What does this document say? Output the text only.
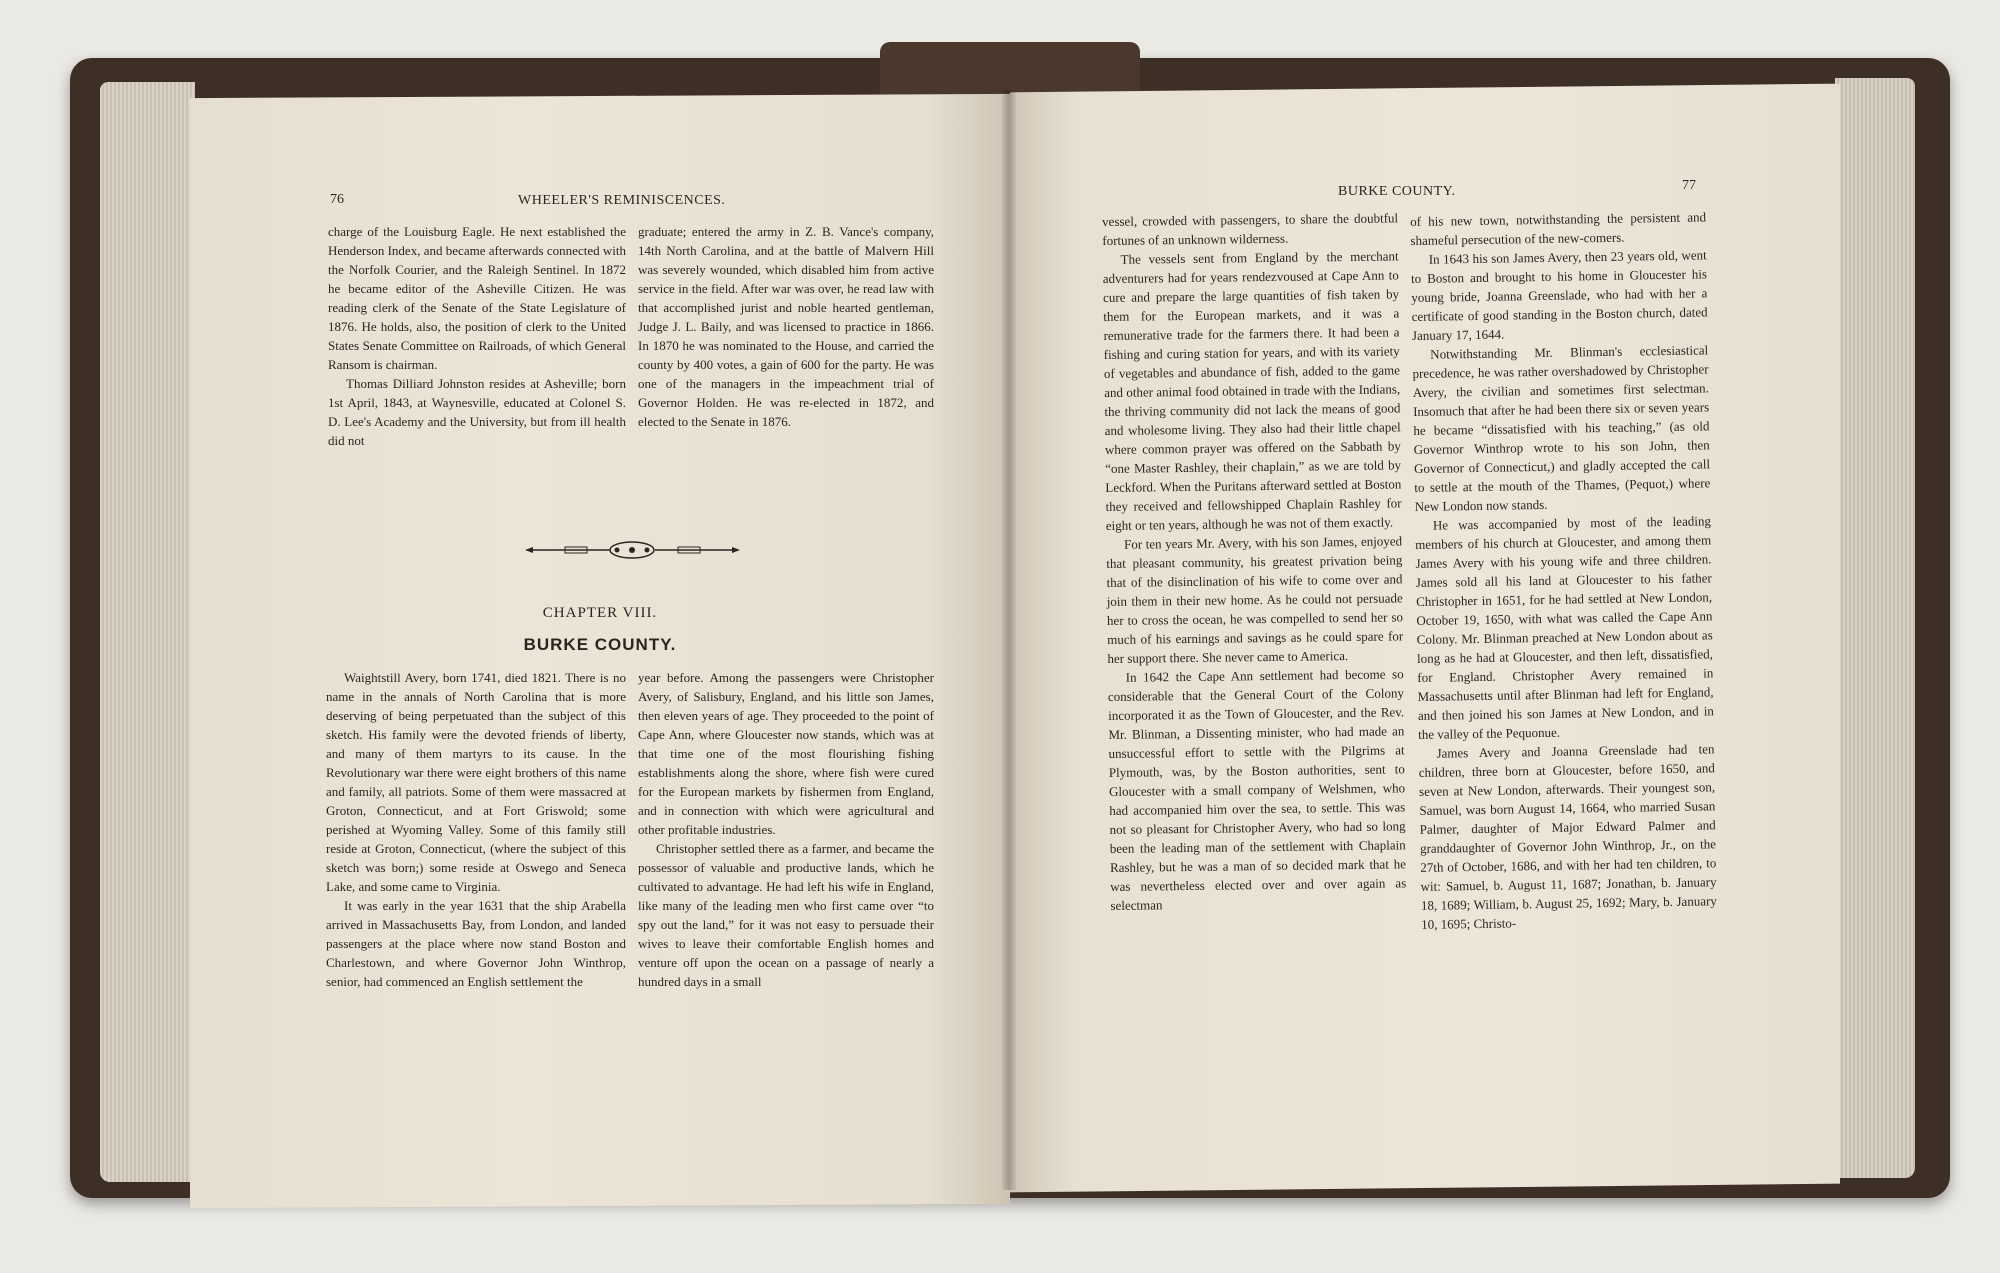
76	WHEELER'S REMINISCENCES.

charge of the Louisburg Eagle. He next established the Henderson Index, and became afterwards connected with the Norfolk Courier, and the Raleigh Sentinel. In 1872 he became editor of the Asheville Citizen. He was reading clerk of the Senate of the State Legislature of 1876. He holds, also, the position of clerk to the United States Senate Committee on Railroads, of which General Ransom is chairman.

Thomas Dilliard Johnston resides at Asheville; born 1st April, 1843, at Waynesville, educated at Colonel S. D. Lee's Academy and the University, but from ill health did not

graduate; entered the army in Z. B. Vance's company, 14th North Carolina, and at the battle of Malvern Hill was severely wounded, which disabled him from active service in the field. After war was over, he read law with that accomplished jurist and noble hearted gentleman, Judge J. L. Baily, and was licensed to practice in 1866. In 1870 he was nominated to the House, and carried the county by 400 votes, a gain of 600 for the party. He was one of the managers in the impeachment trial of Governor Holden. He was re-elected in 1872, and elected to the Senate in 1876.

CHAPTER VIII.
BURKE COUNTY.

Waightstill Avery, born 1741, died 1821. There is no name in the annals of North Carolina that is more deserving of being perpetuated than the subject of this sketch. His family were the devoted friends of liberty, and many of them martyrs to its cause. In the Revolutionary war there were eight brothers of this name and family, all patriots. Some of them were massacred at Groton, Connecticut, and at Fort Griswold; some perished at Wyoming Valley. Some of this family still reside at Groton, Connecticut, (where the subject of this sketch was born;) some reside at Oswego and Seneca Lake, and some came to Virginia.

It was early in the year 1631 that the ship Arabella arrived in Massachusetts Bay, from London, and landed passengers at the place where now stand Boston and Charlestown, and where Governor John Winthrop, senior, had commenced an English settlement the

year before. Among the passengers were Christopher Avery, of Salisbury, England, and his little son James, then eleven years of age. They proceeded to the point of Cape Ann, where Gloucester now stands, which was at that time one of the most flourishing fishing establishments along the shore, where fish were cured for the European markets by fishermen from England, and in connection with which were agricultural and other profitable industries.

Christopher settled there as a farmer, and became the possessor of valuable and productive lands, which he cultivated to advantage. He had left his wife in England, like many of the leading men who first came over “to spy out the land,” for it was not easy to persuade their wives to leave their comfortable English homes and venture off upon the ocean on a passage of nearly a hundred days in a small

BURKE COUNTY.	77

vessel, crowded with passengers, to share the doubtful fortunes of an unknown wilderness.

The vessels sent from England by the merchant adventurers had for years rendezvoused at Cape Ann to cure and prepare the large quantities of fish taken by them for the European markets, and it was a remunerative trade for the farmers there. It had been a fishing and curing station for years, and with its variety of vegetables and abundance of fish, added to the game and other animal food obtained in trade with the Indians, the thriving community did not lack the means of good and wholesome living. They also had their little chapel where common prayer was offered on the Sabbath by “one Master Rashley, their chaplain,” as we are told by Leckford. When the Puritans afterward settled at Boston they received and fellowshipped Chaplain Rashley for eight or ten years, although he was not of them exactly.

For ten years Mr. Avery, with his son James, enjoyed that pleasant community, his greatest privation being that of the disinclination of his wife to come over and join them in their new home. As he could not persuade her to cross the ocean, he was compelled to send her so much of his earnings and savings as he could spare for her support there. She never came to America.

In 1642 the Cape Ann settlement had become so considerable that the General Court of the Colony incorporated it as the Town of Gloucester, and the Rev. Mr. Blinman, a Dissenting minister, who had made an unsuccessful effort to settle with the Pilgrims at Plymouth, was, by the Boston authorities, sent to Gloucester with a small company of Welshmen, who had accompanied him over the sea, to settle. This was not so pleasant for Christopher Avery, who had so long been the leading man of the settlement with Chaplain Rashley, but he was a man of so decided mark that he was nevertheless elected over and over again as selectman

of his new town, notwithstanding the persistent and shameful persecution of the new-comers.

In 1643 his son James Avery, then 23 years old, went to Boston and brought to his home in Gloucester his young bride, Joanna Greenslade, who had with her a certificate of good standing in the Boston church, dated January 17, 1644.

Notwithstanding Mr. Blinman's ecclesiastical precedence, he was rather overshadowed by Christopher Avery, the civilian and sometimes first selectman. Insomuch that after he had been there six or seven years he became “dissatisfied with his teaching,” (as old Governor Winthrop wrote to his son John, then Governor of Connecticut,) and gladly accepted the call to settle at the mouth of the Thames, (Pequot,) where New London now stands.

He was accompanied by most of the leading members of his church at Gloucester, and among them James Avery with his young wife and three children. James sold all his land at Gloucester to his father Christopher in 1651, for he had settled at New London, October 19, 1650, with what was called the Cape Ann Colony. Mr. Blinman preached at New London about as long as he had at Gloucester, and then left, dissatisfied, for England. Christopher Avery remained in Massachusetts until after Blinman had left for England, and then joined his son James at New London, and in the valley of the Pequonue.

James Avery and Joanna Greenslade had ten children, three born at Gloucester, before 1650, and seven at New London, afterwards. Their youngest son, Samuel, was born August 14, 1664, who married Susan Palmer, daughter of Major Edward Palmer and granddaughter of Governor John Winthrop, Jr., on the 27th of October, 1686, and with her had ten children, to wit: Samuel, b. August 11, 1687; Jonathan, b. January 18, 1689; William, b. August 25, 1692; Mary, b. January 10, 1695; Christo-
